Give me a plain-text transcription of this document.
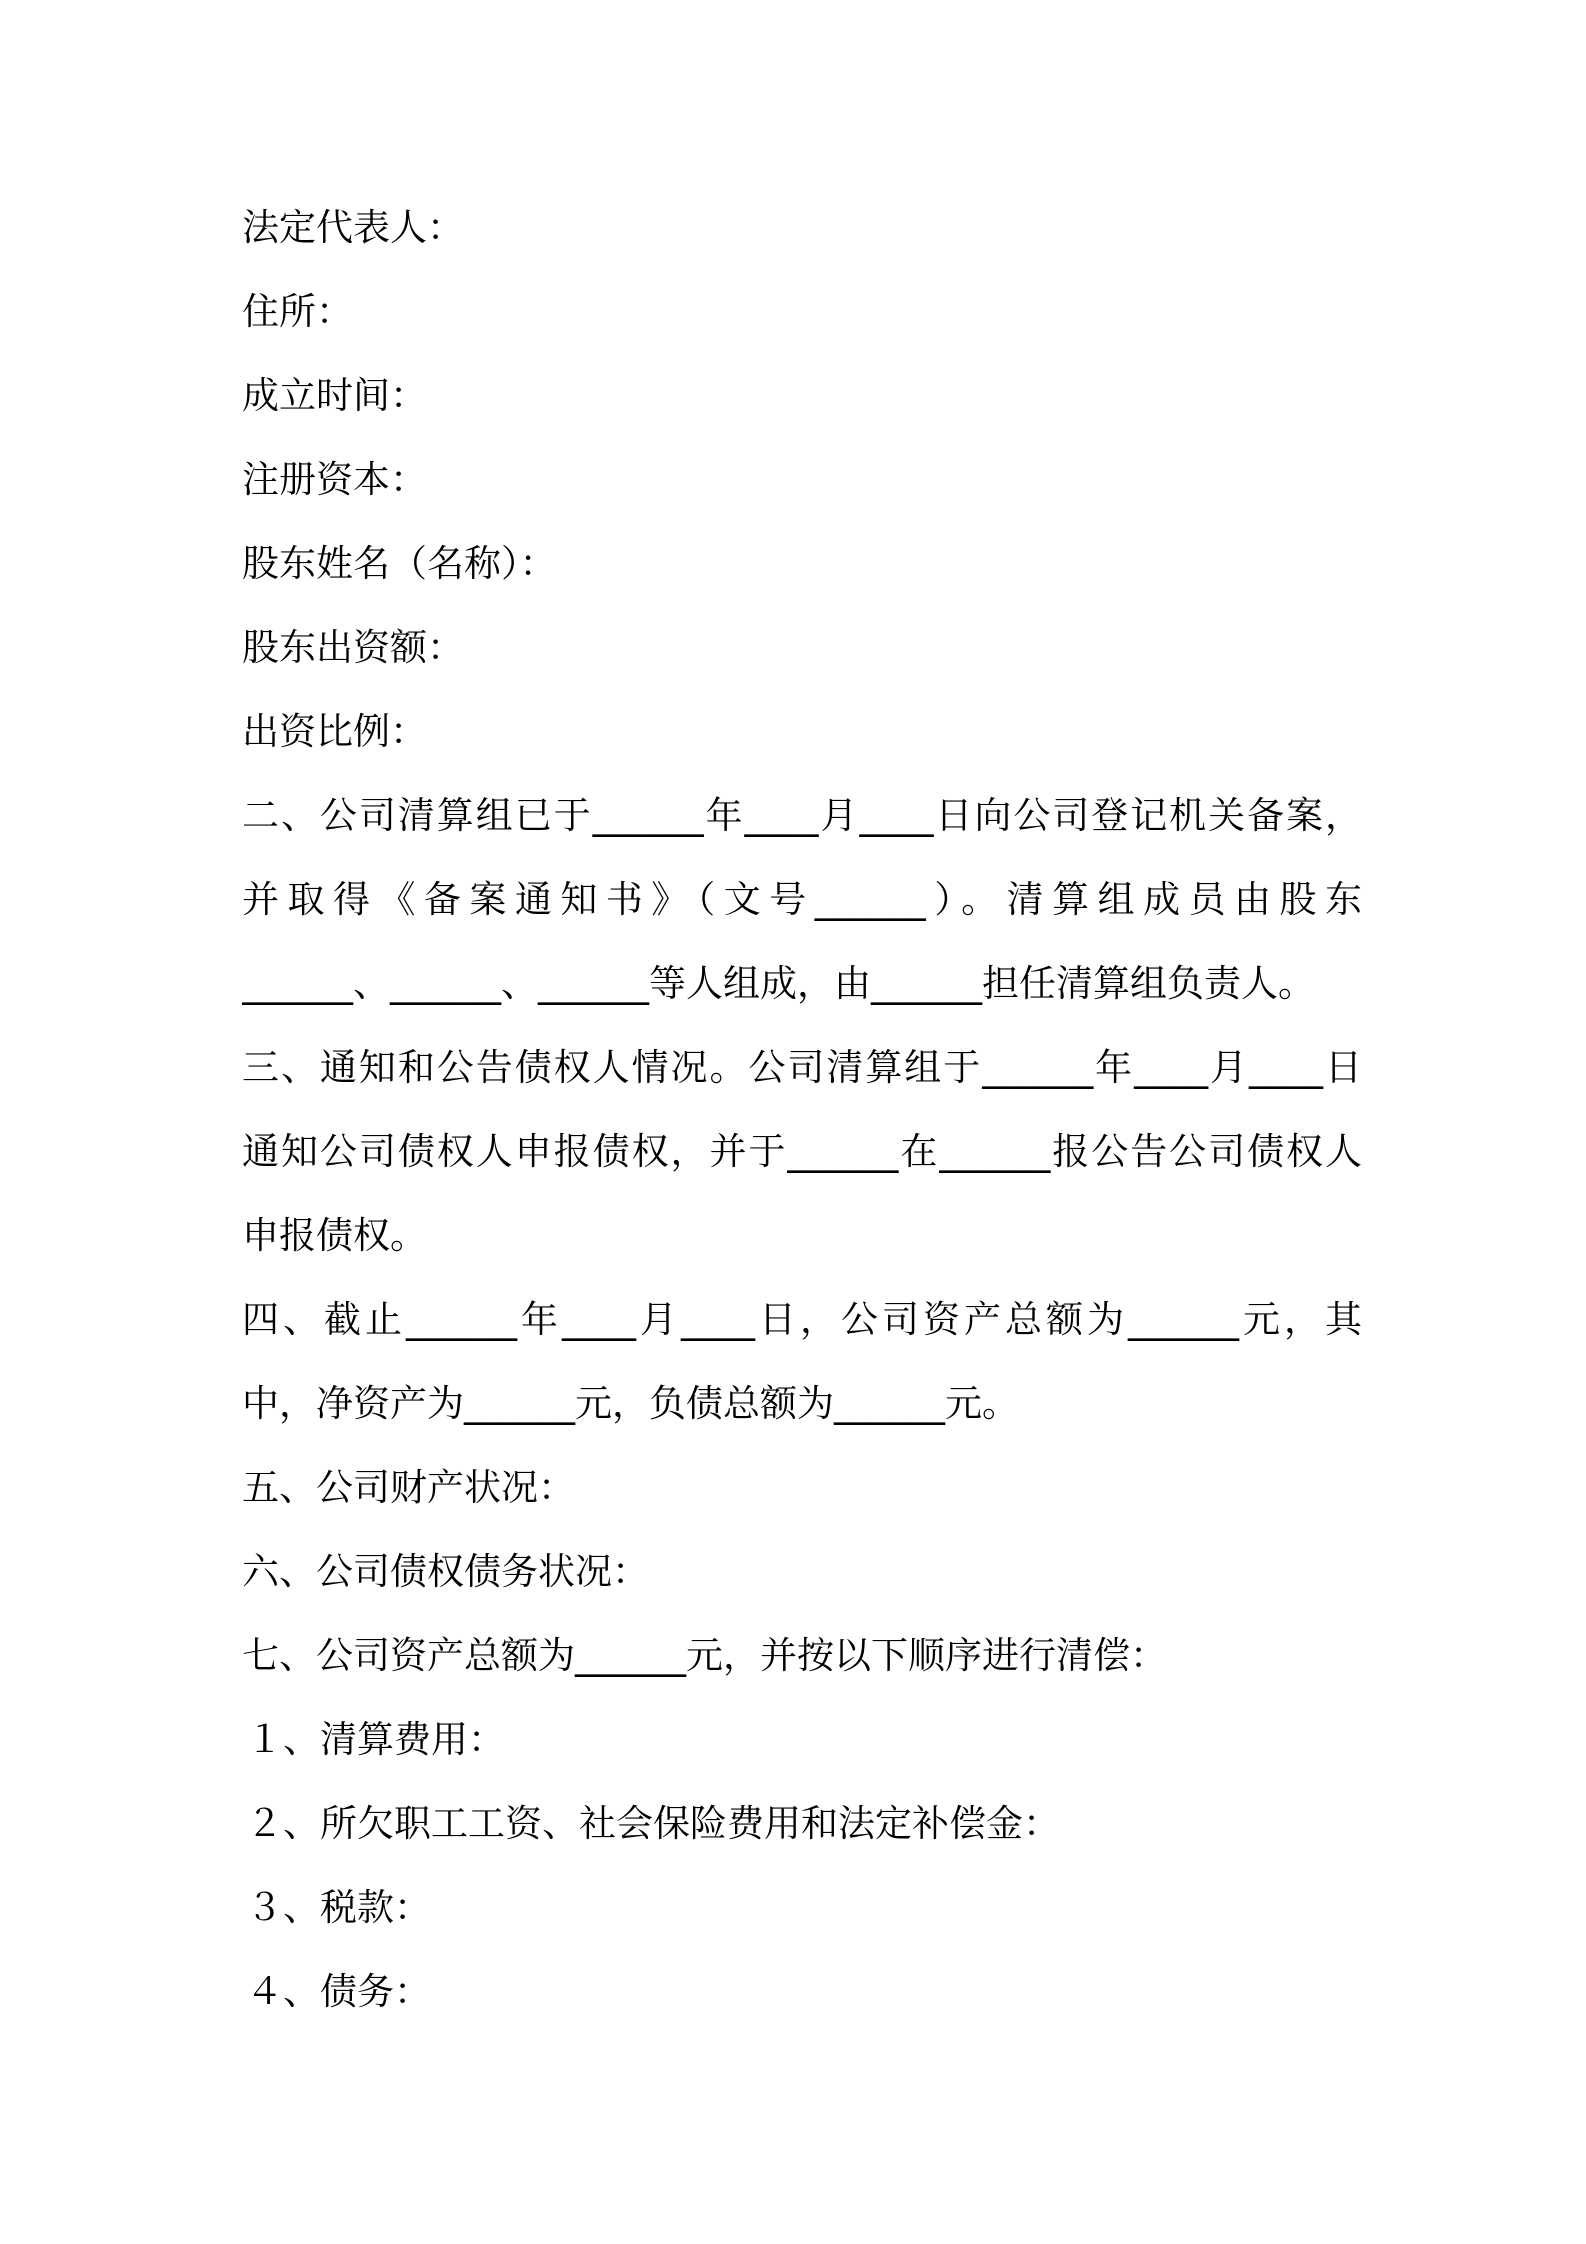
法定代表人：
住所：
成立时间：
注册资本：
股东姓名（名称）：
股东出资额：
出资比例：
二、公司清算组已于______年____月____日向公司登记机关备案，
并取得《备案通知书》（文号______）。清算组成员由股东
______、______、______等人组成，由______担任清算组负责人。
三、通知和公告债权人情况。公司清算组于______年____月____日
通知公司债权人申报债权，并于______在______报公告公司债权人
申报债权。
四、截止______年____月____日，公司资产总额为______元，其
中，净资产为______元，负债总额为______元。
五、公司财产状况：
六、公司债权债务状况：
七、公司资产总额为______元，并按以下顺序进行清偿：
１、清算费用：
２、所欠职工工资、社会保险费用和法定补偿金：
３、税款：
４、债务：
